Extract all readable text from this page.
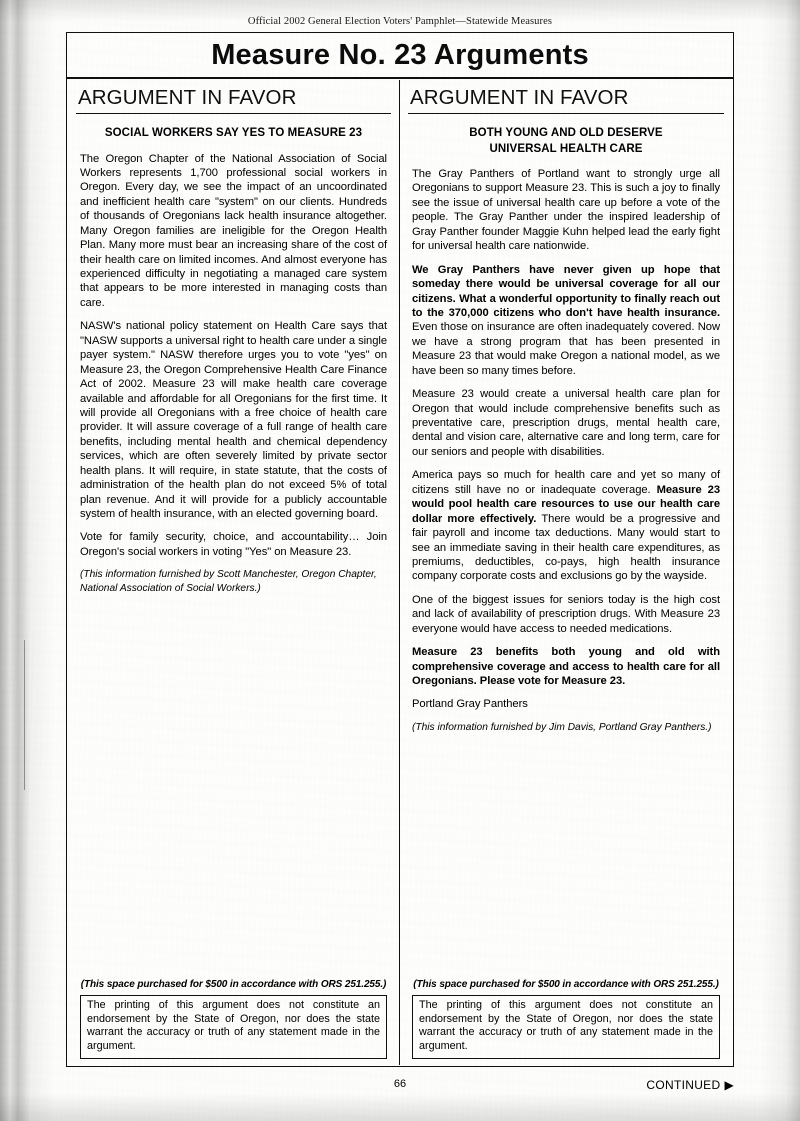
Official 2002 General Election Voters' Pamphlet—Statewide Measures
Measure No. 23 Arguments
ARGUMENT IN FAVOR
SOCIAL WORKERS SAY YES TO MEASURE 23

The Oregon Chapter of the National Association of Social Workers represents 1,700 professional social workers in Oregon. Every day, we see the impact of an uncoordinated and inefficient health care "system" on our clients. Hundreds of thousands of Oregonians lack health insurance altogether. Many Oregon families are ineligible for the Oregon Health Plan. Many more must bear an increasing share of the cost of their health care on limited incomes. And almost everyone has experienced difficulty in negotiating a managed care system that appears to be more interested in managing costs than care.

NASW's national policy statement on Health Care says that "NASW supports a universal right to health care under a single payer system." NASW therefore urges you to vote "yes" on Measure 23, the Oregon Comprehensive Health Care Finance Act of 2002. Measure 23 will make health care coverage available and affordable for all Oregonians for the first time. It will provide all Oregonians with a free choice of health care provider. It will assure coverage of a full range of health care benefits, including mental health and chemical dependency services, which are often severely limited by private sector health plans. It will require, in state statute, that the costs of administration of the health plan do not exceed 5% of total plan revenue. And it will provide for a publicly accountable system of health insurance, with an elected governing board.

Vote for family security, choice, and accountability… Join Oregon's social workers in voting "Yes" on Measure 23.

(This information furnished by Scott Manchester, Oregon Chapter, National Association of Social Workers.)

(This space purchased for $500 in accordance with ORS 251.255.)
The printing of this argument does not constitute an endorsement by the State of Oregon, nor does the state warrant the accuracy or truth of any statement made in the argument.
ARGUMENT IN FAVOR
BOTH YOUNG AND OLD DESERVE
UNIVERSAL HEALTH CARE

The Gray Panthers of Portland want to strongly urge all Oregonians to support Measure 23. This is such a joy to finally see the issue of universal health care up before a vote of the people. The Gray Panther under the inspired leadership of Gray Panther founder Maggie Kuhn helped lead the early fight for universal health care nationwide.

We Gray Panthers have never given up hope that someday there would be universal coverage for all our citizens. What a wonderful opportunity to finally reach out to the 370,000 citizens who don't have health insurance. Even those on insurance are often inadequately covered. Now we have a strong program that has been presented in Measure 23 that would make Oregon a national model, as we have been so many times before.

Measure 23 would create a universal health care plan for Oregon that would include comprehensive benefits such as preventative care, prescription drugs, mental health care, dental and vision care, alternative care and long term, care for our seniors and people with disabilities.

America pays so much for health care and yet so many of citizens still have no or inadequate coverage. Measure 23 would pool health care resources to use our health care dollar more effectively. There would be a progressive and fair payroll and income tax deductions. Many would start to see an immediate saving in their health care expenditures, as premiums, deductibles, co-pays, high health insurance company corporate costs and exclusions go by the wayside.

One of the biggest issues for seniors today is the high cost and lack of availability of prescription drugs. With Measure 23 everyone would have access to needed medications.

Measure 23 benefits both young and old with comprehensive coverage and access to health care for all Oregonians. Please vote for Measure 23.

Portland Gray Panthers

(This information furnished by Jim Davis, Portland Gray Panthers.)

(This space purchased for $500 in accordance with ORS 251.255.)
The printing of this argument does not constitute an endorsement by the State of Oregon, nor does the state warrant the accuracy or truth of any statement made in the argument.
66	CONTINUED ▶
